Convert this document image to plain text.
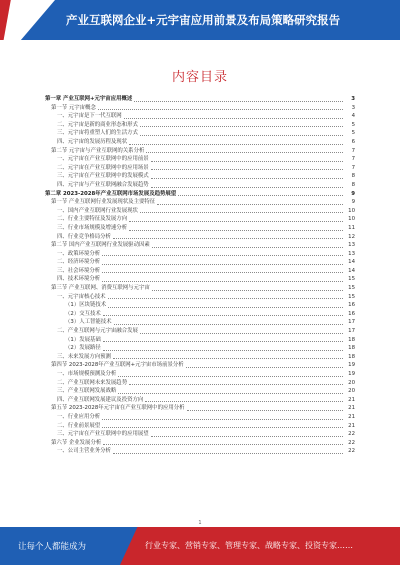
产业互联网企业+元宇宙应用前景及布局策略研究报告
内容目录
第一章 产业互联网+元宇宙应用概述	3
第一节 元宇宙概念	3
一、元宇宙是下一代互联网	4
二、元宇宙是新的商业形态和形式	5
三、元宇宙将重塑人们的生活方式	5
四、元宇宙的发展历程及现状	6
第二节 元宇宙与产业互联网的关系分析	7
一、元宇宙在产业互联网中的应用前景	7
二、元宇宙在产业互联网中的应用场景	7
三、元宇宙在产业互联网中的发展模式	8
四、元宇宙与产业互联网融合发展趋势	8
第二章 2023-2028年产业互联网市场发展及趋势展望	9
第一节 产业互联网行业发展现状及主要特征	9
一、国内产业互联网行业发展现状	10
二、行业主要特征及发展方向	10
三、行业市场规模及增速分析	11
四、行业竞争格局分析	12
第二节 国内产业互联网行业发展驱动因素	13
一、政策环境分析	13
二、经济环境分析	14
三、社会环境分析	14
四、技术环境分析	15
第三节 产业互联网、消费互联网与元宇宙	15
一、元宇宙核心技术	15
（1）区块链技术	16
（2）交互技术	16
（3）人工智能技术	17
二、产业互联网与元宇宙融合发展	17
（1）发展基础	18
（2）发展路径	18
三、未来发展方向预测	18
第四节 2023-2028年产业互联网+元宇宙市场前景分析	19
一、市场规模预测及分析	19
二、产业互联网未来发展趋势	20
三、产业互联网发展战略	20
四、产业互联网发展建议及投资方向	21
第五节 2023-2028年元宇宙在产业互联网中的应用分析	21
一、行业应用分析	21
二、行业前景展望	21
三、元宇宙在产业互联网中的应用展望	22
第六节 企业发展分析	22
一、公司主营业务分析	22
1
让每个人都能成为	行业专家、营销专家、管理专家、战略专家、投资专家……
